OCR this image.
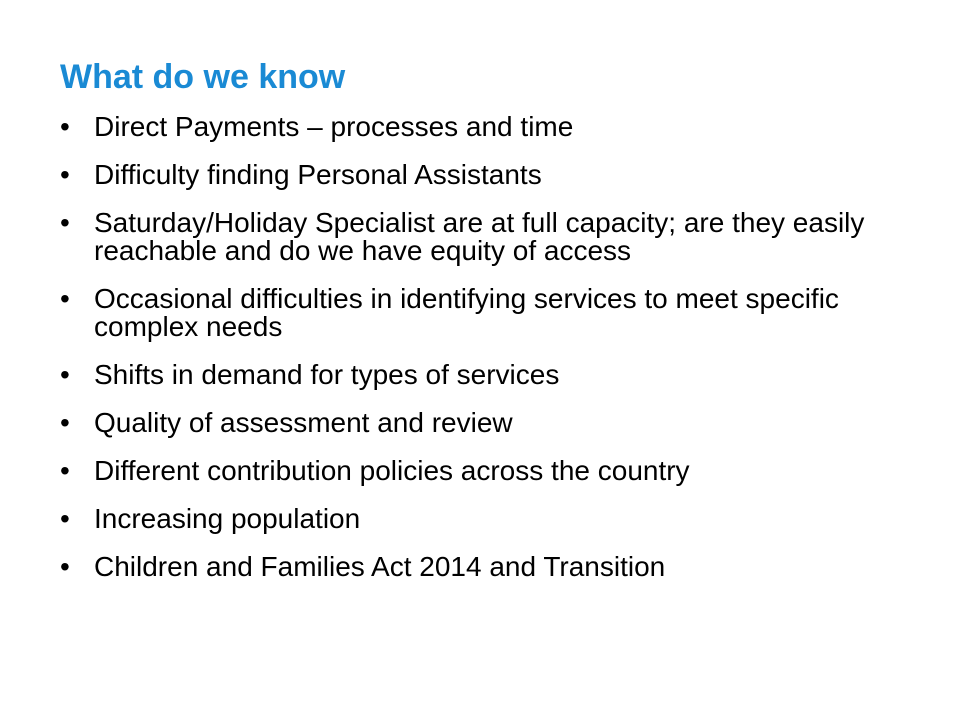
What do we know
• Direct Payments – processes and time
• Difficulty finding Personal Assistants
• Saturday/Holiday Specialist are at full capacity; are they easily reachable and do we have equity of access
• Occasional difficulties in identifying services to meet specific complex needs
• Shifts in demand for types of services
• Quality of assessment and review
• Different contribution policies across the country
• Increasing population
• Children and Families Act 2014 and Transition
